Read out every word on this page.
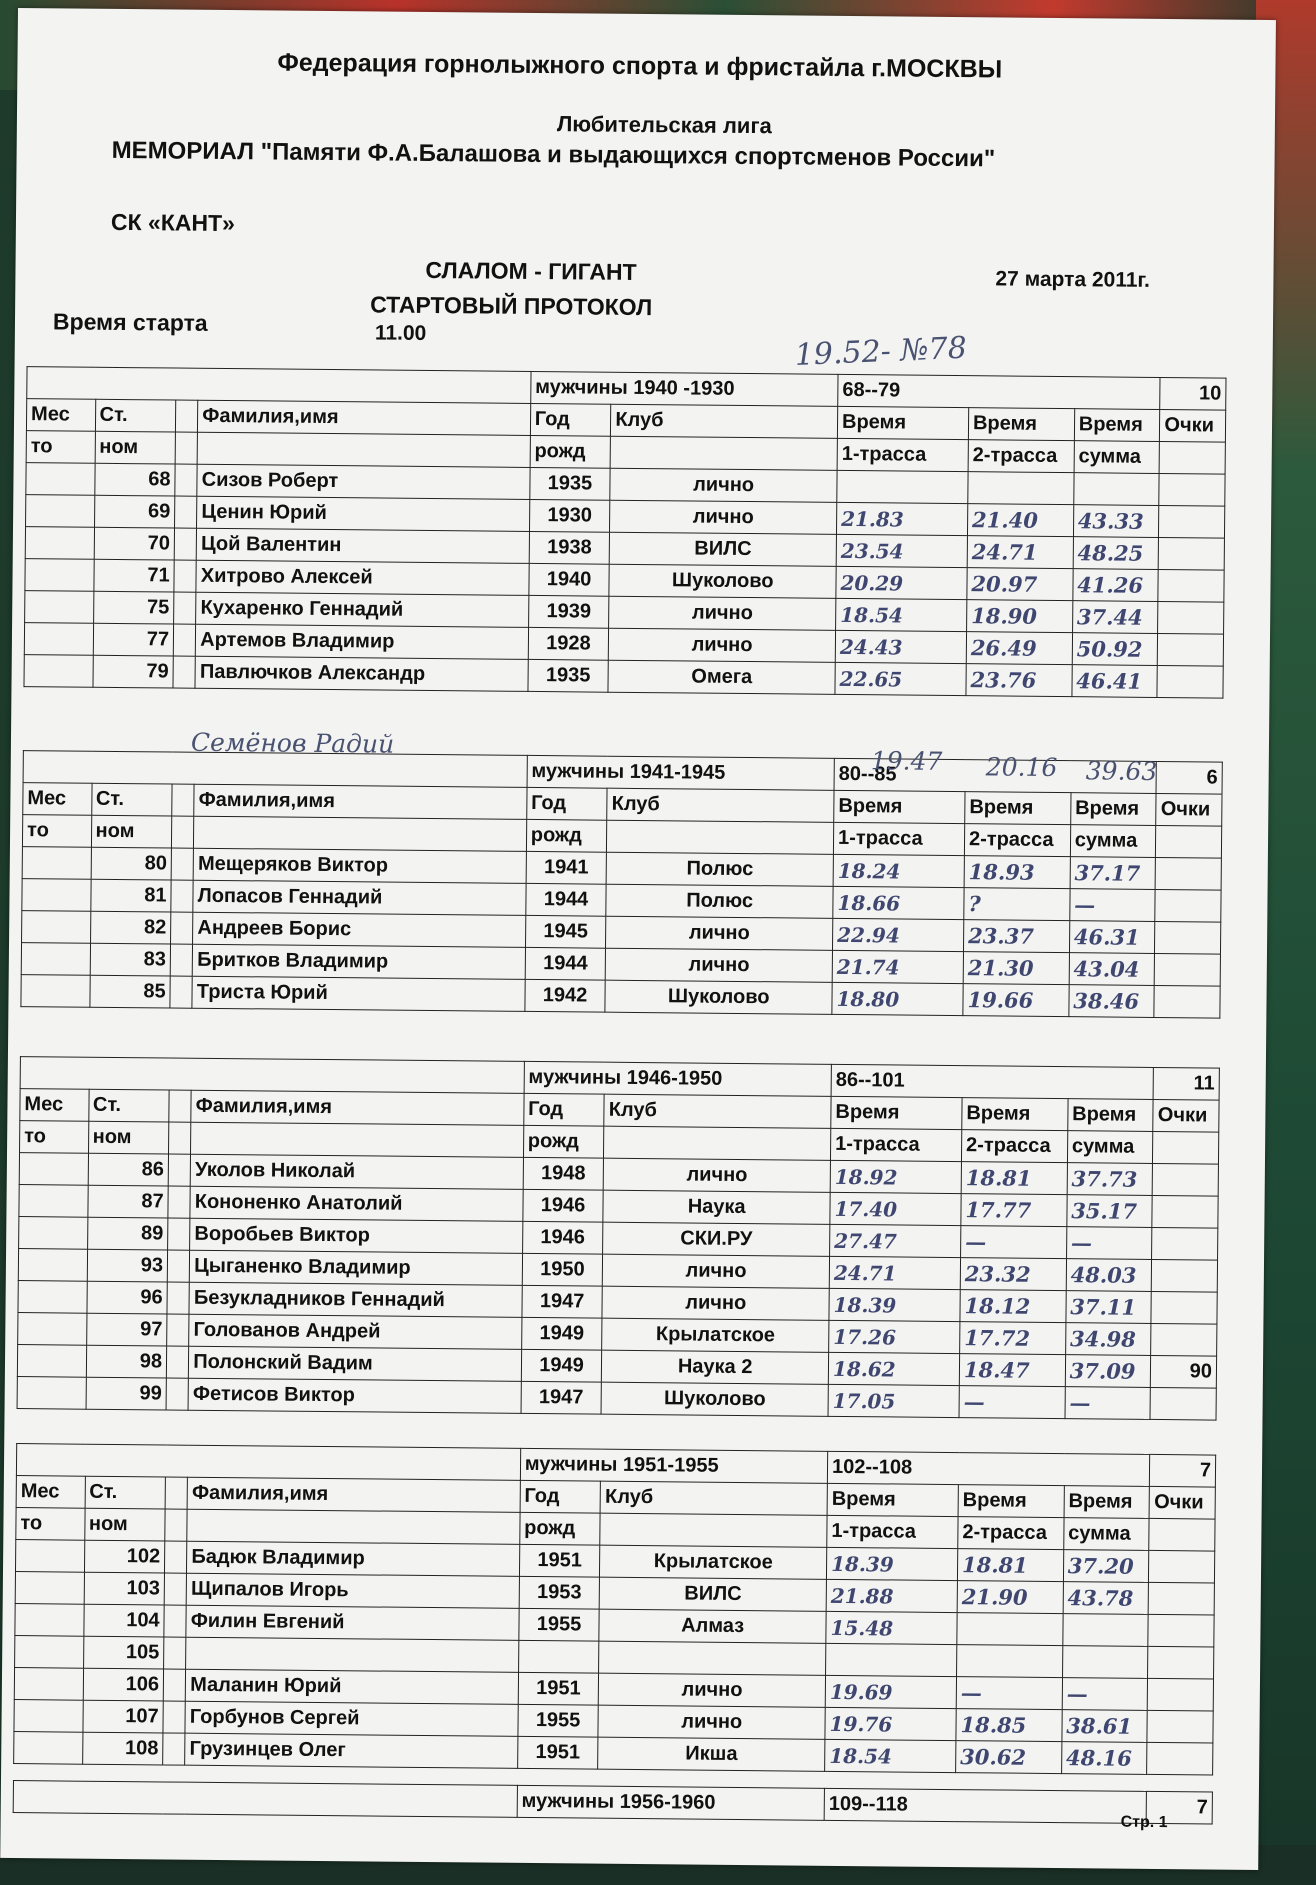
Федерация горнолыжного спорта и фристайла г.МОСКВЫ
Любительская лига
МЕМОРИАЛ "Памяти Ф.А.Балашова и выдающихся спортсменов России"
СК «КАНТ»
СЛАЛОМ - ГИГАНТ
СТАРТОВЫЙ ПРОТОКОЛ
27 марта 2011г.
Время старта	11.00	19.52- №78
				мужчины 1940 -1930		68--79			10
Мес	Ст.		Фамилия,имя	Год	Клуб	Время	Время	Время	Очки
то	ном			рожд		1-трасса	2-трасса	сумма	
	68		Сизов Роберт	1935	лично				
	69		Ценин Юрий	1930	лично	21.83	21.40	43.33	
	70		Цой Валентин	1938	ВИЛС	23.54	24.71	48.25	
	71		Хитрово Алексей	1940	Шуколово	20.29	20.97	41.26	
	75		Кухаренко Геннадий	1939	лично	18.54	18.90	37.44	
	77		Артемов Владимир	1928	лично	24.43	26.49	50.92	
	79		Павлючков Александр	1935	Омега	22.65	23.76	46.41	
				мужчины 1941-1945		80--85			6
Мес	Ст.		Фамилия,имя	Год	Клуб	Время	Время	Время	Очки
то	ном			рожд		1-трасса	2-трасса	сумма	
	80		Мещеряков Виктор	1941	Полюс	18.24	18.93	37.17	
	81		Лопасов Геннадий	1944	Полюс	18.66	?	—	
	82		Андреев Борис	1945	лично	22.94	23.37	46.31	
	83		Бритков Владимир	1944	лично	21.74	21.30	43.04	
	85		Триста Юрий	1942	Шуколово	18.80	19.66	38.46	
				мужчины 1946-1950		86--101			11
Мес	Ст.		Фамилия,имя	Год	Клуб	Время	Время	Время	Очки
то	ном			рожд		1-трасса	2-трасса	сумма	
	86		Уколов Николай	1948	лично	18.92	18.81	37.73	
	87		Кононенко Анатолий	1946	Наука	17.40	17.77	35.17	
	89		Воробьев Виктор	1946	СКИ.РУ	27.47	—	—	
	93		Цыганенко Владимир	1950	лично	24.71	23.32	48.03	
	96		Безукладников Геннадий	1947	лично	18.39	18.12	37.11	
	97		Голованов Андрей	1949	Крылатское	17.26	17.72	34.98	
	98		Полонский Вадим	1949	Наука 2	18.62	18.47	37.09	90
	99		Фетисов Виктор	1947	Шуколово	17.05	—	—	
				мужчины 1951-1955		102--108			7
Мес	Ст.		Фамилия,имя	Год	Клуб	Время	Время	Время	Очки
то	ном			рожд		1-трасса	2-трасса	сумма	
	102		Бадюк Владимир	1951	Крылатское	18.39	18.81	37.20	
	103		Щипалов Игорь	1953	ВИЛС	21.88	21.90	43.78	
	104		Филин Евгений	1955	Алмаз	15.48			
	105								
	106		Маланин Юрий	1951	лично	19.69	—	—	
	107		Горбунов Сергей	1955	лично	19.76	18.85	38.61	
	108		Грузинцев Олег	1951	Икша	18.54	30.62	48.16	
	мужчины 1956-1960	109--118	7
Семёнов Радий
19.47 20.16 39.63
Стр. 1
